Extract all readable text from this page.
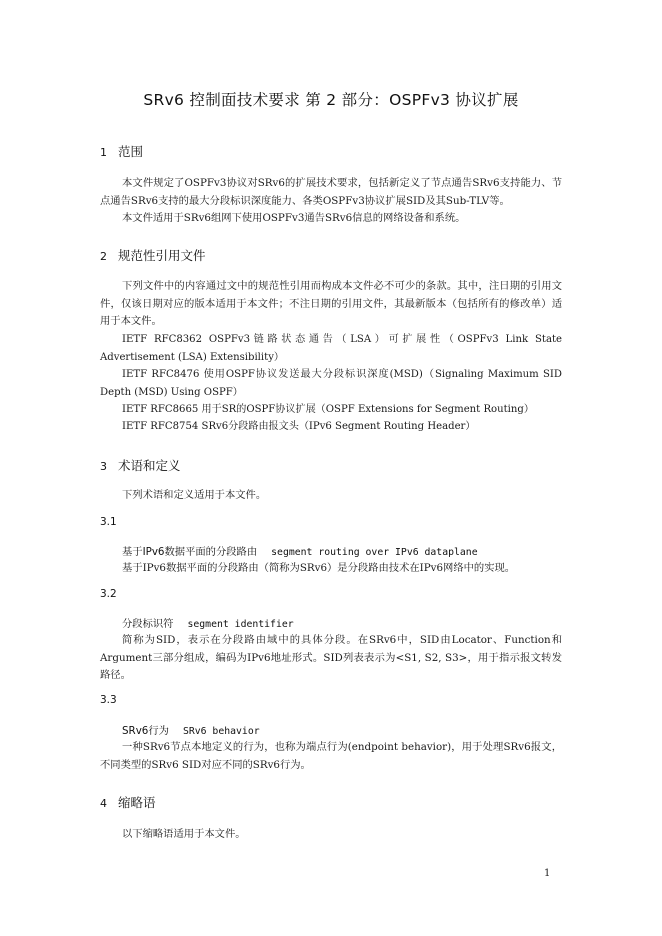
SRv6 控制面技术要求 第 2 部分：OSPFv3 协议扩展
1 范围
本文件规定了OSPFv3协议对SRv6的扩展技术要求，包括新定义了节点通告SRv6支持能力、节点通告SRv6支持的最大分段标识深度能力、各类OSPFv3协议扩展SID及其Sub-TLV等。
本文件适用于SRv6组网下使用OSPFv3通告SRv6信息的网络设备和系统。
2 规范性引用文件
下列文件中的内容通过文中的规范性引用而构成本文件必不可少的条款。其中，注日期的引用文件，仅该日期对应的版本适用于本文件；不注日期的引用文件，其最新版本（包括所有的修改单）适用于本文件。
IETF RFC8362 OSPFv3链路状态通告（LSA）可扩展性（OSPFv3 Link State Advertisement (LSA) Extensibility）
IETF RFC8476 使用OSPF协议发送最大分段标识深度(MSD)（Signaling Maximum SID Depth (MSD) Using OSPF）
IETF RFC8665 用于SR的OSPF协议扩展（OSPF Extensions for Segment Routing）
IETF RFC8754 SRv6分段路由报文头（IPv6 Segment Routing Header）
3 术语和定义
下列术语和定义适用于本文件。
3.1
基于IPv6数据平面的分段路由 segment routing over IPv6 dataplane
基于IPv6数据平面的分段路由（简称为SRv6）是分段路由技术在IPv6网络中的实现。
3.2
分段标识符 segment identifier
简称为SID，表示在分段路由域中的具体分段。在SRv6中，SID由Locator、Function和Argument三部分组成，编码为IPv6地址形式。SID列表表示为<S1, S2, S3>，用于指示报文转发路径。
3.3
SRv6行为 SRv6 behavior
一种SRv6节点本地定义的行为，也称为端点行为(endpoint behavior)，用于处理SRv6报文，不同类型的SRv6 SID对应不同的SRv6行为。
4 缩略语
以下缩略语适用于本文件。
1
